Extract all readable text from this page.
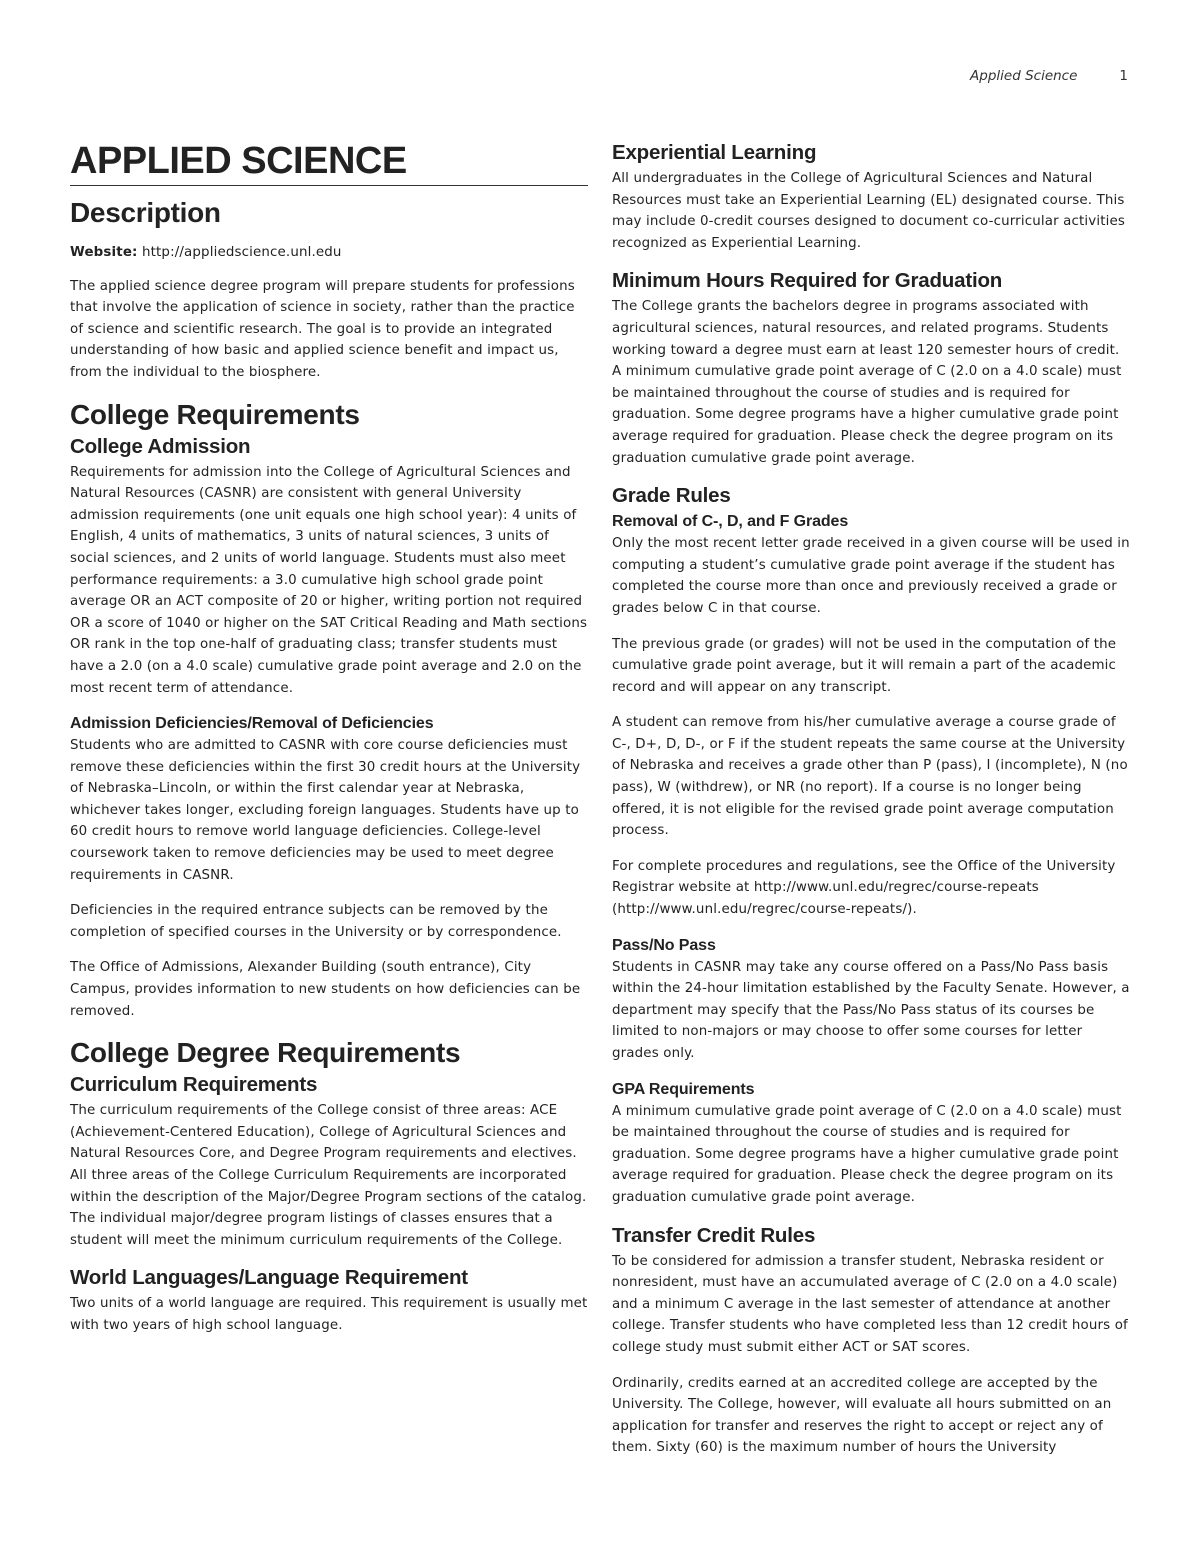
Applied Science	1
APPLIED SCIENCE
Description

Website: http://appliedscience.unl.edu

The applied science degree program will prepare students for professions that involve the application of science in society, rather than the practice of science and scientific research. The goal is to provide an integrated understanding of how basic and applied science benefit and impact us, from the individual to the biosphere.

College Requirements
College Admission

Requirements for admission into the College of Agricultural Sciences and Natural Resources (CASNR) are consistent with general University admission requirements (one unit equals one high school year): 4 units of English, 4 units of mathematics, 3 units of natural sciences, 3 units of social sciences, and 2 units of world language. Students must also meet performance requirements: a 3.0 cumulative high school grade point average OR an ACT composite of 20 or higher, writing portion not required OR a score of 1040 or higher on the SAT Critical Reading and Math sections OR rank in the top one-half of graduating class; transfer students must have a 2.0 (on a 4.0 scale) cumulative grade point average and 2.0 on the most recent term of attendance.

Admission Deficiencies/Removal of Deficiencies

Students who are admitted to CASNR with core course deficiencies must remove these deficiencies within the first 30 credit hours at the University of Nebraska–Lincoln, or within the first calendar year at Nebraska, whichever takes longer, excluding foreign languages. Students have up to 60 credit hours to remove world language deficiencies. College-level coursework taken to remove deficiencies may be used to meet degree requirements in CASNR.

Deficiencies in the required entrance subjects can be removed by the completion of specified courses in the University or by correspondence.

The Office of Admissions, Alexander Building (south entrance), City Campus, provides information to new students on how deficiencies can be removed.

College Degree Requirements
Curriculum Requirements

The curriculum requirements of the College consist of three areas: ACE (Achievement-Centered Education), College of Agricultural Sciences and Natural Resources Core, and Degree Program requirements and electives. All three areas of the College Curriculum Requirements are incorporated within the description of the Major/Degree Program sections of the catalog. The individual major/degree program listings of classes ensures that a student will meet the minimum curriculum requirements of the College.

World Languages/Language Requirement

Two units of a world language are required. This requirement is usually met with two years of high school language.

Experiential Learning

All undergraduates in the College of Agricultural Sciences and Natural Resources must take an Experiential Learning (EL) designated course. This may include 0-credit courses designed to document co-curricular activities recognized as Experiential Learning.

Minimum Hours Required for Graduation

The College grants the bachelors degree in programs associated with agricultural sciences, natural resources, and related programs. Students working toward a degree must earn at least 120 semester hours of credit. A minimum cumulative grade point average of C (2.0 on a 4.0 scale) must be maintained throughout the course of studies and is required for graduation. Some degree programs have a higher cumulative grade point average required for graduation. Please check the degree program on its graduation cumulative grade point average.

Grade Rules
Removal of C-, D, and F Grades

Only the most recent letter grade received in a given course will be used in computing a student’s cumulative grade point average if the student has completed the course more than once and previously received a grade or grades below C in that course.

The previous grade (or grades) will not be used in the computation of the cumulative grade point average, but it will remain a part of the academic record and will appear on any transcript.

A student can remove from his/her cumulative average a course grade of C-, D+, D, D-, or F if the student repeats the same course at the University of Nebraska and receives a grade other than P (pass), I (incomplete), N (no pass), W (withdrew), or NR (no report). If a course is no longer being offered, it is not eligible for the revised grade point average computation process.

For complete procedures and regulations, see the Office of the University Registrar website at http://www.unl.edu/regrec/course-repeats (http://www.unl.edu/regrec/course-repeats/).

Pass/No Pass

Students in CASNR may take any course offered on a Pass/No Pass basis within the 24-hour limitation established by the Faculty Senate. However, a department may specify that the Pass/No Pass status of its courses be limited to non-majors or may choose to offer some courses for letter grades only.

GPA Requirements

A minimum cumulative grade point average of C (2.0 on a 4.0 scale) must be maintained throughout the course of studies and is required for graduation. Some degree programs have a higher cumulative grade point average required for graduation. Please check the degree program on its graduation cumulative grade point average.

Transfer Credit Rules

To be considered for admission a transfer student, Nebraska resident or nonresident, must have an accumulated average of C (2.0 on a 4.0 scale) and a minimum C average in the last semester of attendance at another college. Transfer students who have completed less than 12 credit hours of college study must submit either ACT or SAT scores.

Ordinarily, credits earned at an accredited college are accepted by the University. The College, however, will evaluate all hours submitted on an application for transfer and reserves the right to accept or reject any of them. Sixty (60) is the maximum number of hours the University
